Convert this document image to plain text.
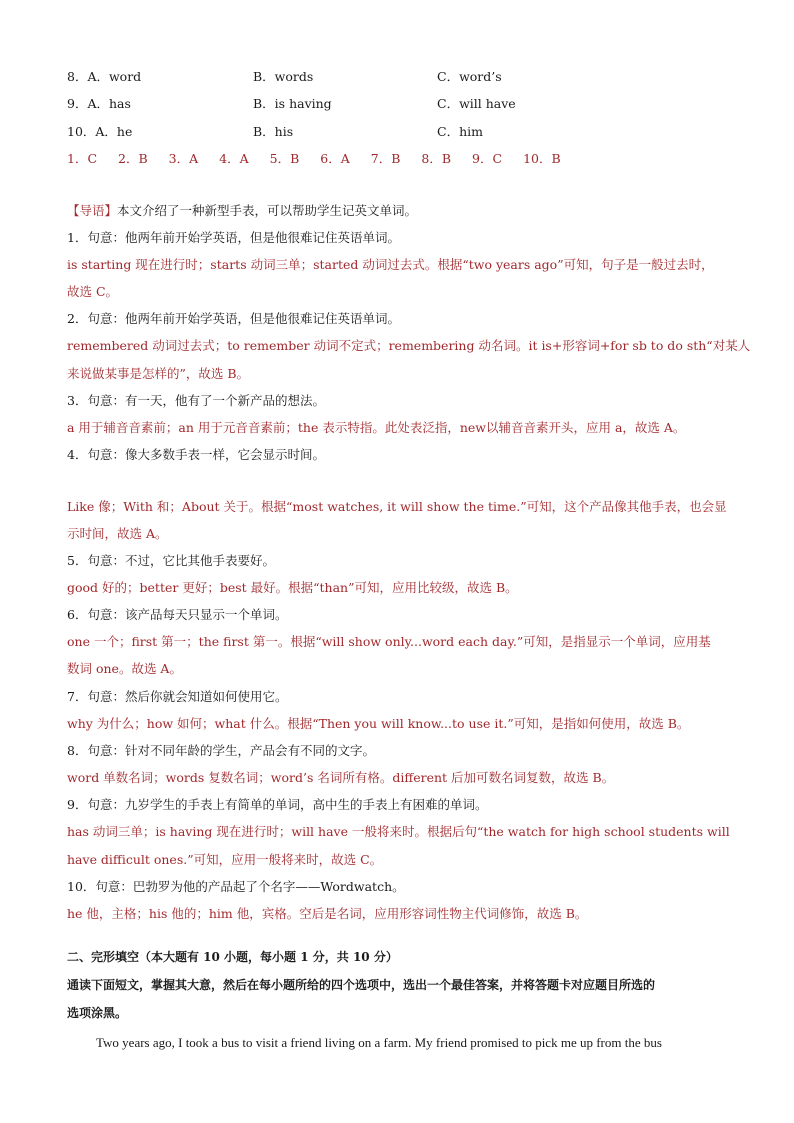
8．A．word	B．words	C．word’s
9．A．has	B．is having	C．will have
10．A．he	B．his	C．him
1．C 2．B 3．A 4．A 5．B 6．A 7．B 8．B 9．C 10．B
【导语】本文介绍了一种新型手表，可以帮助学生记英文单词。
1．句意：他两年前开始学英语，但是他很难记住英语单词。
is starting 现在进行时；starts 动词三单；started 动词过去式。根据“two years ago”可知，句子是一般过去时，
故选 C。
2．句意：他两年前开始学英语，但是他很难记住英语单词。
remembered 动词过去式；to remember 动词不定式；remembering 动名词。it is+形容词+for sb to do sth“对某人
来说做某事是怎样的”，故选 B。
3．句意：有一天，他有了一个新产品的想法。
a 用于辅音音素前；an 用于元音音素前；the 表示特指。此处表泛指，new以辅音音素开头，应用 a，故选 A。
4．句意：像大多数手表一样，它会显示时间。
Like 像；With 和；About 关于。根据“most watches, it will show the time.”可知，这个产品像其他手表，也会显
示时间，故选 A。
5．句意：不过，它比其他手表要好。
good 好的；better 更好；best 最好。根据“than”可知，应用比较级，故选 B。
6．句意：该产品每天只显示一个单词。
one 一个；first 第一；the first 第一。根据“will show only...word each day.”可知，是指显示一个单词，应用基
数词 one。故选 A。
7．句意：然后你就会知道如何使用它。
why 为什么；how 如何；what 什么。根据“Then you will know...to use it.”可知，是指如何使用，故选 B。
8．句意：针对不同年龄的学生，产品会有不同的文字。
word 单数名词；words 复数名词；word’s 名词所有格。different 后加可数名词复数，故选 B。
9．句意：九岁学生的手表上有简单的单词，高中生的手表上有困难的单词。
has 动词三单；is having 现在进行时；will have 一般将来时。根据后句“the watch for high school students will
have difficult ones.”可知，应用一般将来时，故选 C。
10．句意：巴勃罗为他的产品起了个名字——Wordwatch。
he 他，主格；his 他的；him 他，宾格。空后是名词，应用形容词性物主代词修饰，故选 B。
二、完形填空（本大题有 10 小题，每小题 1 分，共 10 分）
通读下面短文，掌握其大意，然后在每小题所给的四个选项中，选出一个最佳答案，并将答题卡对应题目所选的
选项涂黑。
Two years ago, I took a bus to visit a friend living on a farm. My friend promised to pick me up from the bus
